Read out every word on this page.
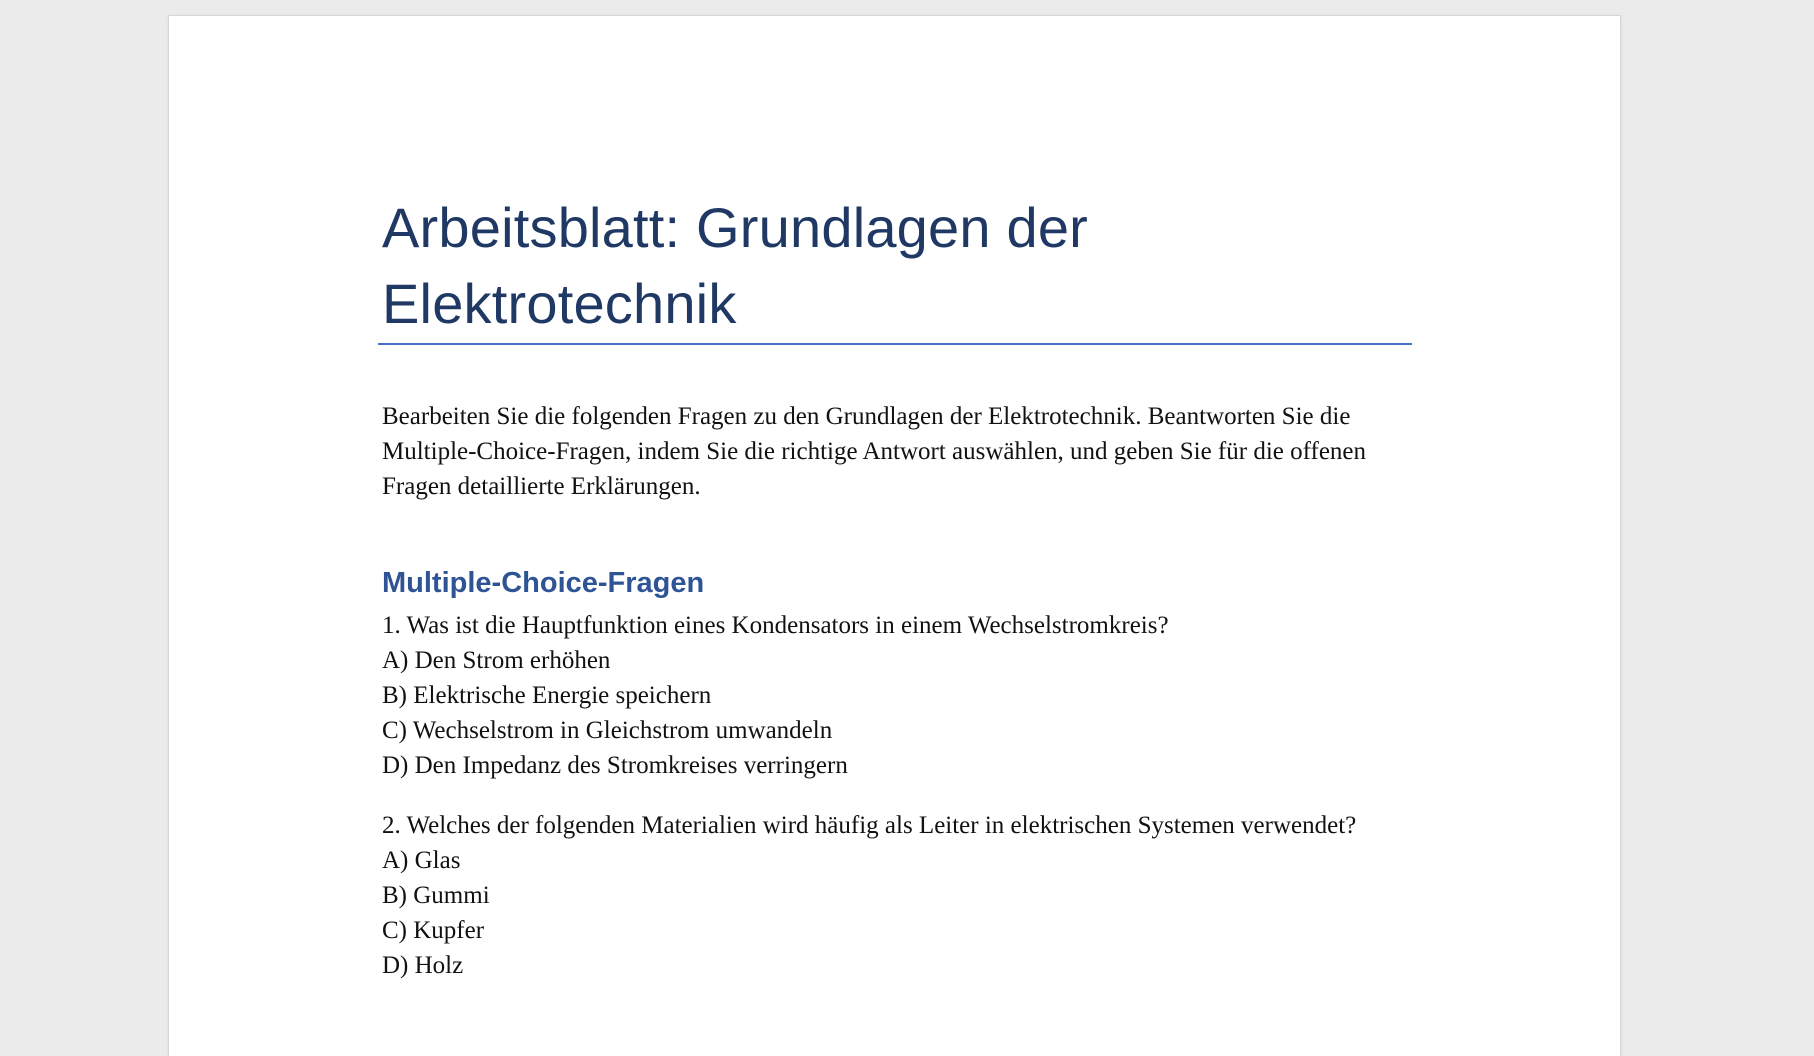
Arbeitsblatt: Grundlagen der
Elektrotechnik

Bearbeiten Sie die folgenden Fragen zu den Grundlagen der Elektrotechnik. Beantworten Sie die Multiple-Choice-Fragen, indem Sie die richtige Antwort auswählen, und geben Sie für die offenen Fragen detaillierte Erklärungen.

Multiple-Choice-Fragen

1. Was ist die Hauptfunktion eines Kondensators in einem Wechselstromkreis?

A) Den Strom erhöhen

B) Elektrische Energie speichern

C) Wechselstrom in Gleichstrom umwandeln

D) Den Impedanz des Stromkreises verringern

2. Welches der folgenden Materialien wird häufig als Leiter in elektrischen Systemen verwendet?

A) Glas

B) Gummi

C) Kupfer

D) Holz
